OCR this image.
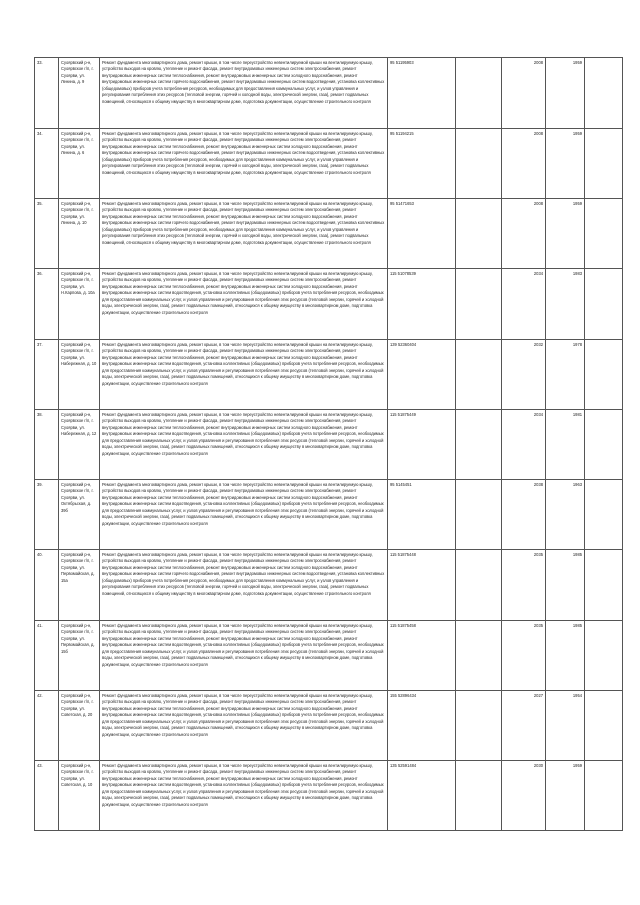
33.	Суоярвский р-н, Суоярвское г/п, г. Суоярви, ул. Ленина, д. 9	Ремонт фундамента многоквартирного дома, ремонт крыши, в том числе переустройство невентилируемой крыши на вентилируемую крышу, устройство выходов на кровлю, утепление и ремонт фасада, ремонт внутридомовых инженерных систем электроснабжения, ремонт внутридомовых инженерных систем теплоснабжения, ремонт внутридомовых инженерных систем холодного водоснабжения, ремонт внутридомовых инженерных систем горячего водоснабжения, ремонт внутридомовых инженерных систем водоотведения, установка коллективных (общедомовых) приборов учета потребления ресурсов, необходимых для предоставления коммунальных услуг, и узлов управления и регулирования потребления этих ресурсов (тепловой энергии, горячей и холодной воды, электрической энергии, газа), ремонт подвальных помещений, относящихся к общему имуществу в многоквартирном доме, подготовка документации, осуществление строительного контроля	95 51195903		2008	1959	
34.	Суоярвский р-н, Суоярвское г/п, г. Суоярви, ул. Ленина, д. 6	Ремонт фундамента многоквартирного дома, ремонт крыши, в том числе переустройство невентилируемой крыши на вентилируемую крышу, устройство выходов на кровлю, утепление и ремонт фасада, ремонт внутридомовых инженерных систем электроснабжения, ремонт внутридомовых инженерных систем теплоснабжения, ремонт внутридомовых инженерных систем холодного водоснабжения, ремонт внутридомовых инженерных систем горячего водоснабжения, ремонт внутридомовых инженерных систем водоотведения, установка коллективных (общедомовых) приборов учета потребления ресурсов, необходимых для предоставления коммунальных услуг, и узлов управления и регулирования потребления этих ресурсов (тепловой энергии, горячей и холодной воды, электрической энергии, газа), ремонт подвальных помещений, относящихся к общему имуществу в многоквартирном доме, подготовка документации, осуществление строительного контроля	95 51194215		2008	1959	
35.	Суоярвский р-н, Суоярвское г/п, г. Суоярви, ул. Ленина, д. 10	Ремонт фундамента многоквартирного дома, ремонт крыши, в том числе переустройство невентилируемой крыши на вентилируемую крышу, устройство выходов на кровлю, утепление и ремонт фасада, ремонт внутридомовых инженерных систем электроснабжения, ремонт внутридомовых инженерных систем теплоснабжения, ремонт внутридомовых инженерных систем холодного водоснабжения, ремонт внутридомовых инженерных систем горячего водоснабжения, ремонт внутридомовых инженерных систем водоотведения, установка коллективных (общедомовых) приборов учета потребления ресурсов, необходимых для предоставления коммунальных услуг, и узлов управления и регулирования потребления этих ресурсов (тепловой энергии, горячей и холодной воды, электрической энергии, газа), ремонт подвальных помещений, относящихся к общему имуществу в многоквартирном доме, подготовка документации, осуществление строительного контроля	95 51471653		2008	1959	
36.	Суоярвский р-н, Суоярвское г/п, г. Суоярви, ул. Н.Карпова, д. 10а	Ремонт фундамента многоквартирного дома, ремонт крыши, в том числе переустройство невентилируемой крыши на вентилируемую крышу, устройство выходов на кровлю, утепление и ремонт фасада, ремонт внутридомовых инженерных систем электроснабжения, ремонт внутридомовых инженерных систем теплоснабжения, ремонт внутридомовых инженерных систем холодного водоснабжения, ремонт внутридомовых инженерных систем водоотведения, установка коллективных (общедомовых) приборов учета потребления ресурсов, необходимых для предоставления коммунальных услуг, и узлов управления и регулирования потребления этих ресурсов (тепловой энергии, горячей и холодной воды, электрической энергии, газа), ремонт подвальных помещений, относящихся к общему имуществу в многоквартирном доме, подготовка документации, осуществление строительного контроля	115 51078539		2034	1983	
37.	Суоярвский р-н, Суоярвское г/п, г. Суоярви, ул. Набережная, д. 10	Ремонт фундамента многоквартирного дома, ремонт крыши, в том числе переустройство невентилируемой крыши на вентилируемую крышу, устройство выходов на кровлю, утепление и ремонт фасада, ремонт внутридомовых инженерных систем электроснабжения, ремонт внутридомовых инженерных систем теплоснабжения, ремонт внутридомовых инженерных систем холодного водоснабжения, ремонт внутридомовых инженерных систем водоотведения, установка коллективных (общедомовых) приборов учета потребления ресурсов, необходимых для предоставления коммунальных услуг, и узлов управления и регулирования потребления этих ресурсов (тепловой энергии, горячей и холодной воды, электрической энергии, газа), ремонт подвальных помещений, относящихся к общему имуществу в многоквартирном доме, подготовка документации, осуществление строительного контроля	139 52360404		2032	1978	
38.	Суоярвский р-н, Суоярвское г/п, г. Суоярви, ул. Набережная, д. 12	Ремонт фундамента многоквартирного дома, ремонт крыши, в том числе переустройство невентилируемой крыши на вентилируемую крышу, устройство выходов на кровлю, утепление и ремонт фасада, ремонт внутридомовых инженерных систем электроснабжения, ремонт внутридомовых инженерных систем теплоснабжения, ремонт внутридомовых инженерных систем холодного водоснабжения, ремонт внутридомовых инженерных систем водоотведения, установка коллективных (общедомовых) приборов учета потребления ресурсов, необходимых для предоставления коммунальных услуг, и узлов управления и регулирования потребления этих ресурсов (тепловой энергии, горячей и холодной воды, электрической энергии, газа), ремонт подвальных помещений, относящихся к общему имуществу в многоквартирном доме, подготовка документации, осуществление строительного контроля	115 51875449		2034	1981	
39.	Суоярвский р-н, Суоярвское г/п, г. Суоярви, ул. Октябрьская, д. 39б	Ремонт фундамента многоквартирного дома, ремонт крыши, в том числе переустройство невентилируемой крыши на вентилируемую крышу, устройство выходов на кровлю, утепление и ремонт фасада, ремонт внутридомовых инженерных систем электроснабжения, ремонт внутридомовых инженерных систем теплоснабжения, ремонт внутридомовых инженерных систем холодного водоснабжения, ремонт внутридомовых инженерных систем водоотведения, установка коллективных (общедомовых) приборов учета потребления ресурсов, необходимых для предоставления коммунальных услуг, и узлов управления и регулирования потребления этих ресурсов (тепловой энергии, горячей и холодной воды, электрической энергии, газа), ремонт подвальных помещений, относящихся к общему имуществу в многоквартирном доме, подготовка документации, осуществление строительного контроля	95 5145451		2038	1963	
40.	Суоярвский р-н, Суоярвское г/п, г. Суоярви, ул. Первомайская, д. 15а	Ремонт фундамента многоквартирного дома, ремонт крыши, в том числе переустройство невентилируемой крыши на вентилируемую крышу, устройство выходов на кровлю, утепление и ремонт фасада, ремонт внутридомовых инженерных систем электроснабжения, ремонт внутридомовых инженерных систем теплоснабжения, ремонт внутридомовых инженерных систем холодного водоснабжения, ремонт внутридомовых инженерных систем горячего водоснабжения, ремонт внутридомовых инженерных систем водоотведения, установка коллективных (общедомовых) приборов учета потребления ресурсов, необходимых для предоставления коммунальных услуг, и узлов управления и регулирования потребления этих ресурсов (тепловой энергии, горячей и холодной воды, электрической энергии, газа), ремонт подвальных помещений, относящихся к общему имуществу в многоквартирном доме, подготовка документации, осуществление строительного контроля	115 51875448		2035	1985	
41.	Суоярвский р-н, Суоярвское г/п, г. Суоярви, ул. Первомайская, д. 15б	Ремонт фундамента многоквартирного дома, ремонт крыши, в том числе переустройство невентилируемой крыши на вентилируемую крышу, устройство выходов на кровлю, утепление и ремонт фасада, ремонт внутридомовых инженерных систем электроснабжения, ремонт внутридомовых инженерных систем теплоснабжения, ремонт внутридомовых инженерных систем холодного водоснабжения, ремонт внутридомовых инженерных систем водоотведения, установка коллективных (общедомовых) приборов учета потребления ресурсов, необходимых для предоставления коммунальных услуг, и узлов управления и регулирования потребления этих ресурсов (тепловой энергии, горячей и холодной воды, электрической энергии, газа), ремонт подвальных помещений, относящихся к общему имуществу в многоквартирном доме, подготовка документации, осуществление строительного контроля	115 51875458		2035	1985	
42.	Суоярвский р-н, Суоярвское г/п, г. Суоярви, ул. Советская, д. 20	Ремонт фундамента многоквартирного дома, ремонт крыши, в том числе переустройство невентилируемой крыши на вентилируемую крышу, устройство выходов на кровлю, утепление и ремонт фасада, ремонт внутридомовых инженерных систем электроснабжения, ремонт внутридомовых инженерных систем теплоснабжения, ремонт внутридомовых инженерных систем холодного водоснабжения, ремонт внутридомовых инженерных систем водоотведения, установка коллективных (общедомовых) приборов учета потребления ресурсов, необходимых для предоставления коммунальных услуг, и узлов управления и регулирования потребления этих ресурсов (тепловой энергии, горячей и холодной воды, электрической энергии, газа), ремонт подвальных помещений, относящихся к общему имуществу в многоквартирном доме, подготовка документации, осуществление строительного контроля	155 52896434		2027	1954	
43.	Суоярвский р-н, Суоярвское г/п, г. Суоярви, ул. Советская, д. 10	Ремонт фундамента многоквартирного дома, ремонт крыши, в том числе переустройство невентилируемой крыши на вентилируемую крышу, устройство выходов на кровлю, утепление и ремонт фасада, ремонт внутридомовых инженерных систем электроснабжения, ремонт внутридомовых инженерных систем теплоснабжения, ремонт внутридомовых инженерных систем холодного водоснабжения, ремонт внутридомовых инженерных систем водоотведения, установка коллективных (общедомовых) приборов учета потребления ресурсов, необходимых для предоставления коммунальных услуг, и узлов управления и регулирования потребления этих ресурсов (тепловой энергии, горячей и холодной воды, электрической энергии, газа), ремонт подвальных помещений, относящихся к общему имуществу в многоквартирном доме, подготовка документации, осуществление строительного контроля	135 52591484		2030	1959	
